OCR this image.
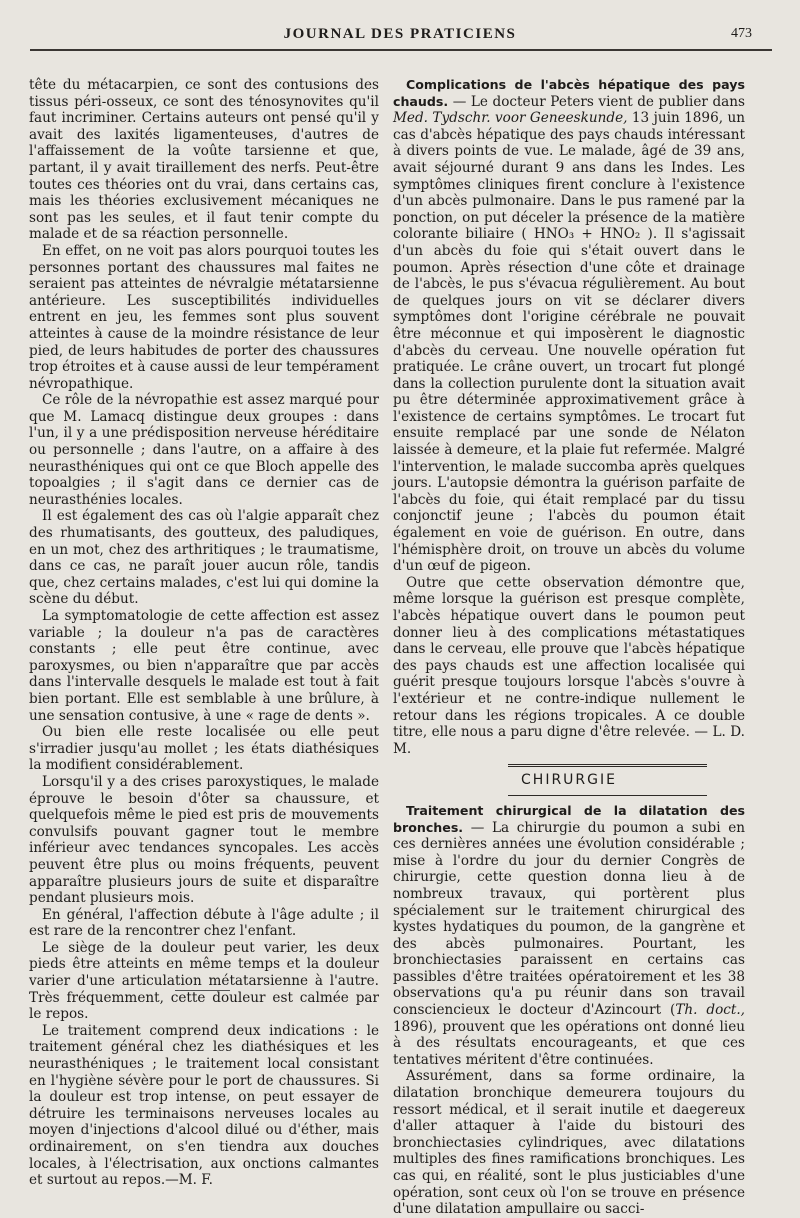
JOURNAL DES PRATICIENS	473

tête du métacarpien, ce sont des contusions des tissus péri-osseux, ce sont des ténosynovites qu'il faut incriminer. Certains auteurs ont pensé qu'il y avait des laxités ligamenteuses, d'autres de l'affaissement de la voûte tarsienne et que, partant, il y avait tiraillement des nerfs. Peut-être toutes ces théories ont du vrai, dans certains cas, mais les théories exclusivement mécaniques ne sont pas les seules, et il faut tenir compte du malade et de sa réaction personnelle.

En effet, on ne voit pas alors pourquoi toutes les personnes portant des chaussures mal faites ne seraient pas atteintes de névralgie métatarsienne antérieure. Les susceptibilités individuelles entrent en jeu, les femmes sont plus souvent atteintes à cause de la moindre résistance de leur pied, de leurs habitudes de porter des chaussures trop étroites et à cause aussi de leur tempérament névropathique.

Ce rôle de la névropathie est assez marqué pour que M. Lamacq distingue deux groupes : dans l'un, il y a une prédisposition nerveuse héréditaire ou personnelle ; dans l'autre, on a affaire à des neurasthéniques qui ont ce que Bloch appelle des topoalgies ; il s'agit dans ce dernier cas de neurasthénies locales.

Il est également des cas où l'algie apparaît chez des rhumatisants, des goutteux, des paludiques, en un mot, chez des arthritiques ; le traumatisme, dans ce cas, ne paraît jouer aucun rôle, tandis que, chez certains malades, c'est lui qui domine la scène du début.

La symptomatologie de cette affection est assez variable ; la douleur n'a pas de caractères constants ; elle peut être continue, avec paroxysmes, ou bien n'apparaître que par accès dans l'intervalle desquels le malade est tout à fait bien portant. Elle est semblable à une brûlure, à une sensation contusive, à une « rage de dents ».

Ou bien elle reste localisée ou elle peut s'irradier jusqu'au mollet ; les états diathésiques la modifient considérablement.

Lorsqu'il y a des crises paroxystiques, le malade éprouve le besoin d'ôter sa chaussure, et quelquefois même le pied est pris de mouvements convulsifs pouvant gagner tout le membre inférieur avec tendances syncopales. Les accès peuvent être plus ou moins fréquents, peuvent apparaître plusieurs jours de suite et disparaître pendant plusieurs mois.

En général, l'affection débute à l'âge adulte ; il est rare de la rencontrer chez l'enfant.

Le siège de la douleur peut varier, les deux pieds être atteints en même temps et la douleur varier d'une articulation métatarsienne à l'autre. Très fréquemment, cette douleur est calmée par le repos.

Le traitement comprend deux indications : le traitement général chez les diathésiques et les neurasthéniques ; le traitement local consistant en l'hygiène sévère pour le port de chaussures. Si la douleur est trop intense, on peut essayer de détruire les terminaisons nerveuses locales au moyen d'injections d'alcool dilué ou d'éther, mais ordinairement, on s'en tiendra aux douches locales, à l'électrisation, aux onctions calmantes et surtout au repos.—M. F.

Complications de l'abcès hépatique des pays chauds. — Le docteur Peters vient de publier dans Med. Tydschr. voor Geneeskunde, 13 juin 1896, un cas d'abcès hépatique des pays chauds intéressant à divers points de vue. Le malade, âgé de 39 ans, avait séjourné durant 9 ans dans les Indes. Les symptômes cliniques firent conclure à l'existence d'un abcès pulmonaire. Dans le pus ramené par la ponction, on put déceler la présence de la matière colorante biliaire ( HNO₃ + HNO₂ ). Il s'agissait d'un abcès du foie qui s'était ouvert dans le poumon. Après résection d'une côte et drainage de l'abcès, le pus s'évacua régulièrement. Au bout de quelques jours on vit se déclarer divers symptômes dont l'origine cérébrale ne pouvait être méconnue et qui imposèrent le diagnostic d'abcès du cerveau. Une nouvelle opération fut pratiquée. Le crâne ouvert, un trocart fut plongé dans la collection purulente dont la situation avait pu être déterminée approximativement grâce à l'existence de certains symptômes. Le trocart fut ensuite remplacé par une sonde de Nélaton laissée à demeure, et la plaie fut refermée. Malgré l'intervention, le malade succomba après quelques jours. L'autopsie démontra la guérison parfaite de l'abcès du foie, qui était remplacé par du tissu conjonctif jeune ; l'abcès du poumon était également en voie de guérison. En outre, dans l'hémisphère droit, on trouve un abcès du volume d'un œuf de pigeon.

Outre que cette observation démontre que, même lorsque la guérison est presque complète, l'abcès hépatique ouvert dans le poumon peut donner lieu à des complications métastatiques dans le cerveau, elle prouve que l'abcès hépatique des pays chauds est une affection localisée qui guérit presque toujours lorsque l'abcès s'ouvre à l'extérieur et ne contre-indique nullement le retour dans les régions tropicales. A ce double titre, elle nous a paru digne d'être relevée. — L. D. M.

CHIRURGIE

Traitement chirurgical de la dilatation des bronches. — La chirurgie du poumon a subi en ces dernières années une évolution considérable ; mise à l'ordre du jour du dernier Congrès de chirurgie, cette question donna lieu à de nombreux travaux, qui portèrent plus spécialement sur le traitement chirurgical des kystes hydatiques du poumon, de la gangrène et des abcès pulmonaires. Pourtant, les bronchiectasies paraissent en certains cas passibles d'être traitées opératoirement et les 38 observations qu'a pu réunir dans son travail consciencieux le docteur d'Azincourt (Th. doct., 1896), prouvent que les opérations ont donné lieu à des résultats encourageants, et que ces tentatives méritent d'être continuées.

Assurément, dans sa forme ordinaire, la dilatation bronchique demeurera toujours du ressort médical, et il serait inutile et daegereux d'aller attaquer à l'aide du bistouri des bronchiectasies cylindriques, avec dilatations multiples des fines ramifications bronchiques. Les cas qui, en réalité, sont le plus justiciables d'une opération, sont ceux où l'on se trouve en présence d'une dilatation ampullaire ou sacci-
